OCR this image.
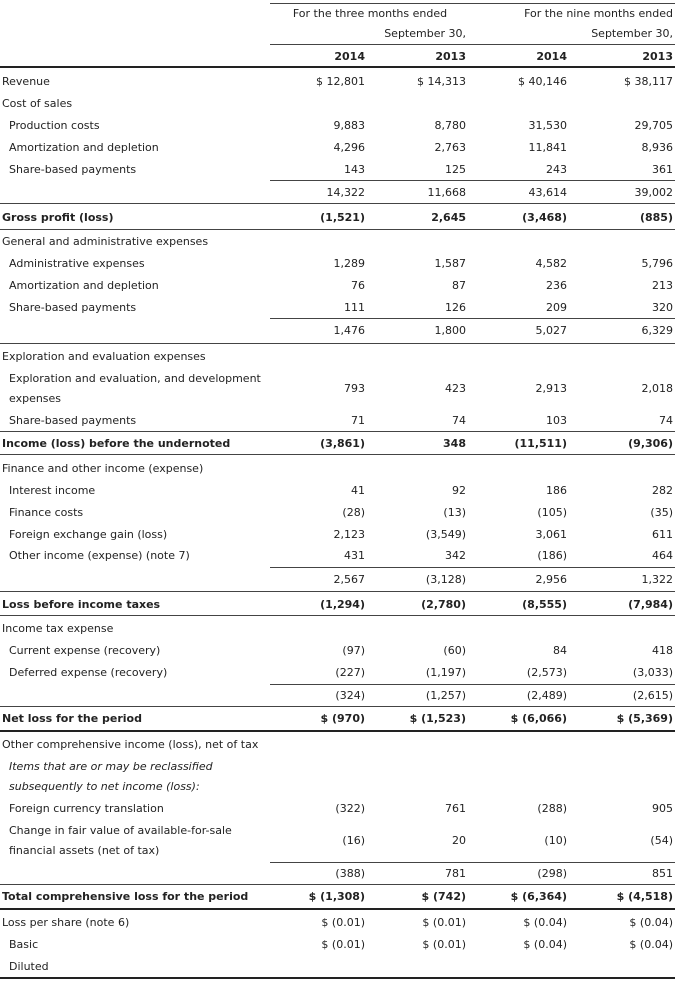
For the three months ended
September 30,
For the nine months ended
September 30,
2014	2013	2014	2013
Revenue	$ 12,801	$ 14,313	$ 40,146	$ 38,117
Cost of sales
Production costs	9,883	8,780	31,530	29,705
Amortization and depletion	4,296	2,763	11,841	8,936
Share-based payments	143	125	243	361
14,322	11,668	43,614	39,002
Gross profit (loss)	(1,521)	2,645	(3,468)	(885)
General and administrative expenses
Administrative expenses	1,289	1,587	4,582	5,796
Amortization and depletion	76	87	236	213
Share-based payments	111	126	209	320
1,476	1,800	5,027	6,329
Exploration and evaluation expenses
Exploration and evaluation, and development
expenses
793	423	2,913	2,018
Share-based payments	71	74	103	74
Income (loss) before the undernoted	(3,861)	348	(11,511)	(9,306)
Finance and other income (expense)
Interest income	41	92	186	282
Finance costs	(28)	(13)	(105)	(35)
Foreign exchange gain (loss)	2,123	(3,549)	3,061	611
Other income (expense) (note 7)	431	342	(186)	464
2,567	(3,128)	2,956	1,322
Loss before income taxes	(1,294)	(2,780)	(8,555)	(7,984)
Income tax expense
Current expense (recovery)	(97)	(60)	84	418
Deferred expense (recovery)	(227)	(1,197)	(2,573)	(3,033)
(324)	(1,257)	(2,489)	(2,615)
Net loss for the period	$ (970)	$ (1,523)	$ (6,066)	$ (5,369)
Other comprehensive income (loss), net of tax
Items that are or may be reclassified
subsequently to net income (loss):
Foreign currency translation	(322)	761	(288)	905
Change in fair value of available-for-sale
financial assets (net of tax)
(16)	20	(10)	(54)
(388)	781	(298)	851
Total comprehensive loss for the period	$ (1,308)	$ (742)	$ (6,364)	$ (4,518)
Loss per share (note 6)	$ (0.01)	$ (0.01)	$ (0.04)	$ (0.04)
Basic	$ (0.01)	$ (0.01)	$ (0.04)	$ (0.04)
Diluted
